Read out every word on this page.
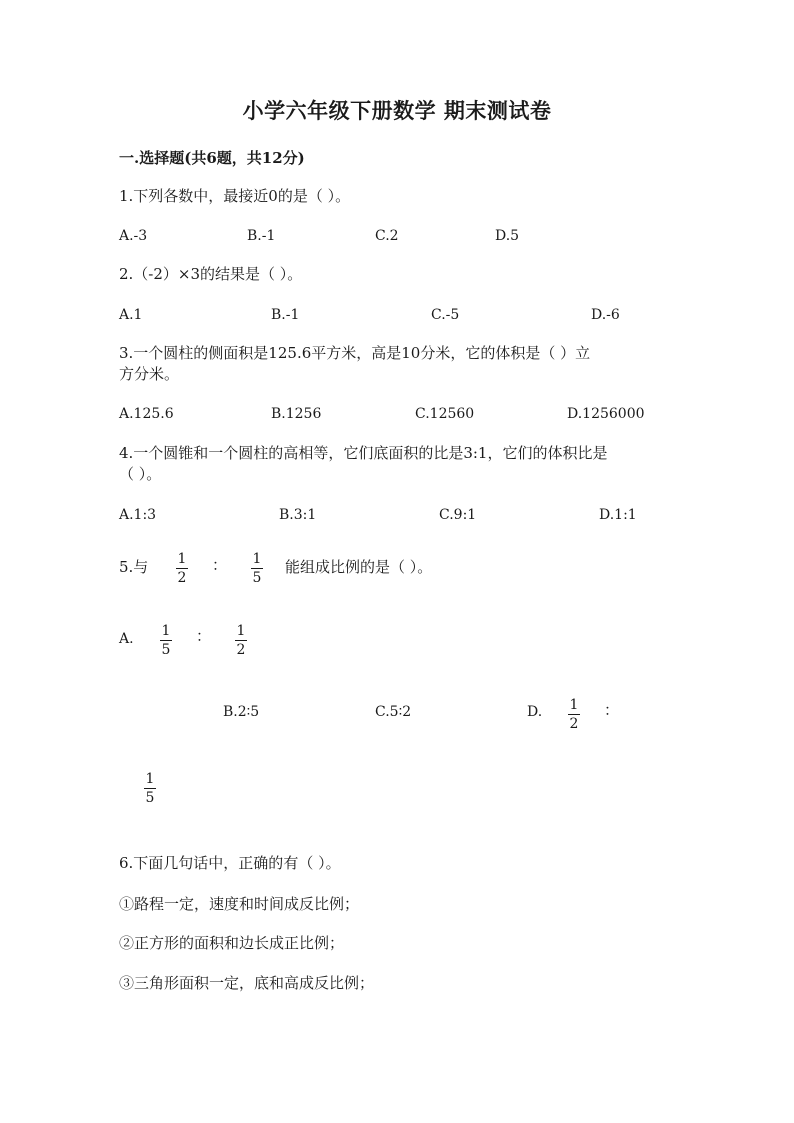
小学六年级下册数学 期末测试卷
一.选择题(共6题，共12分)
1.下列各数中，最接近0的是（ ）。
A.-3	B.-1	C.2	D.5
2.（-2）×3的结果是（ ）。
A.1	B.-1	C.-5	D.-6
3.一个圆柱的侧面积是125.6平方米，高是10分米，它的体积是（ ）立
方分米。
A.125.6	B.1256	C.12560	D.1256000
4.一个圆锥和一个圆柱的高相等，它们底面积的比是3:1，它们的体积比是
（ ）。
A.1:3	B.3:1	C.9:1	D.1:1
5.与 1
2
： 1
5
能组成比例的是（ ）。
A. 1
5
： 1
2
B.2∶5	C.5∶2	D. 1
2
：
1
5
6.下面几句话中，正确的有（ ）。
①路程一定，速度和时间成反比例；
②正方形的面积和边长成正比例；
③三角形面积一定，底和高成反比例；
